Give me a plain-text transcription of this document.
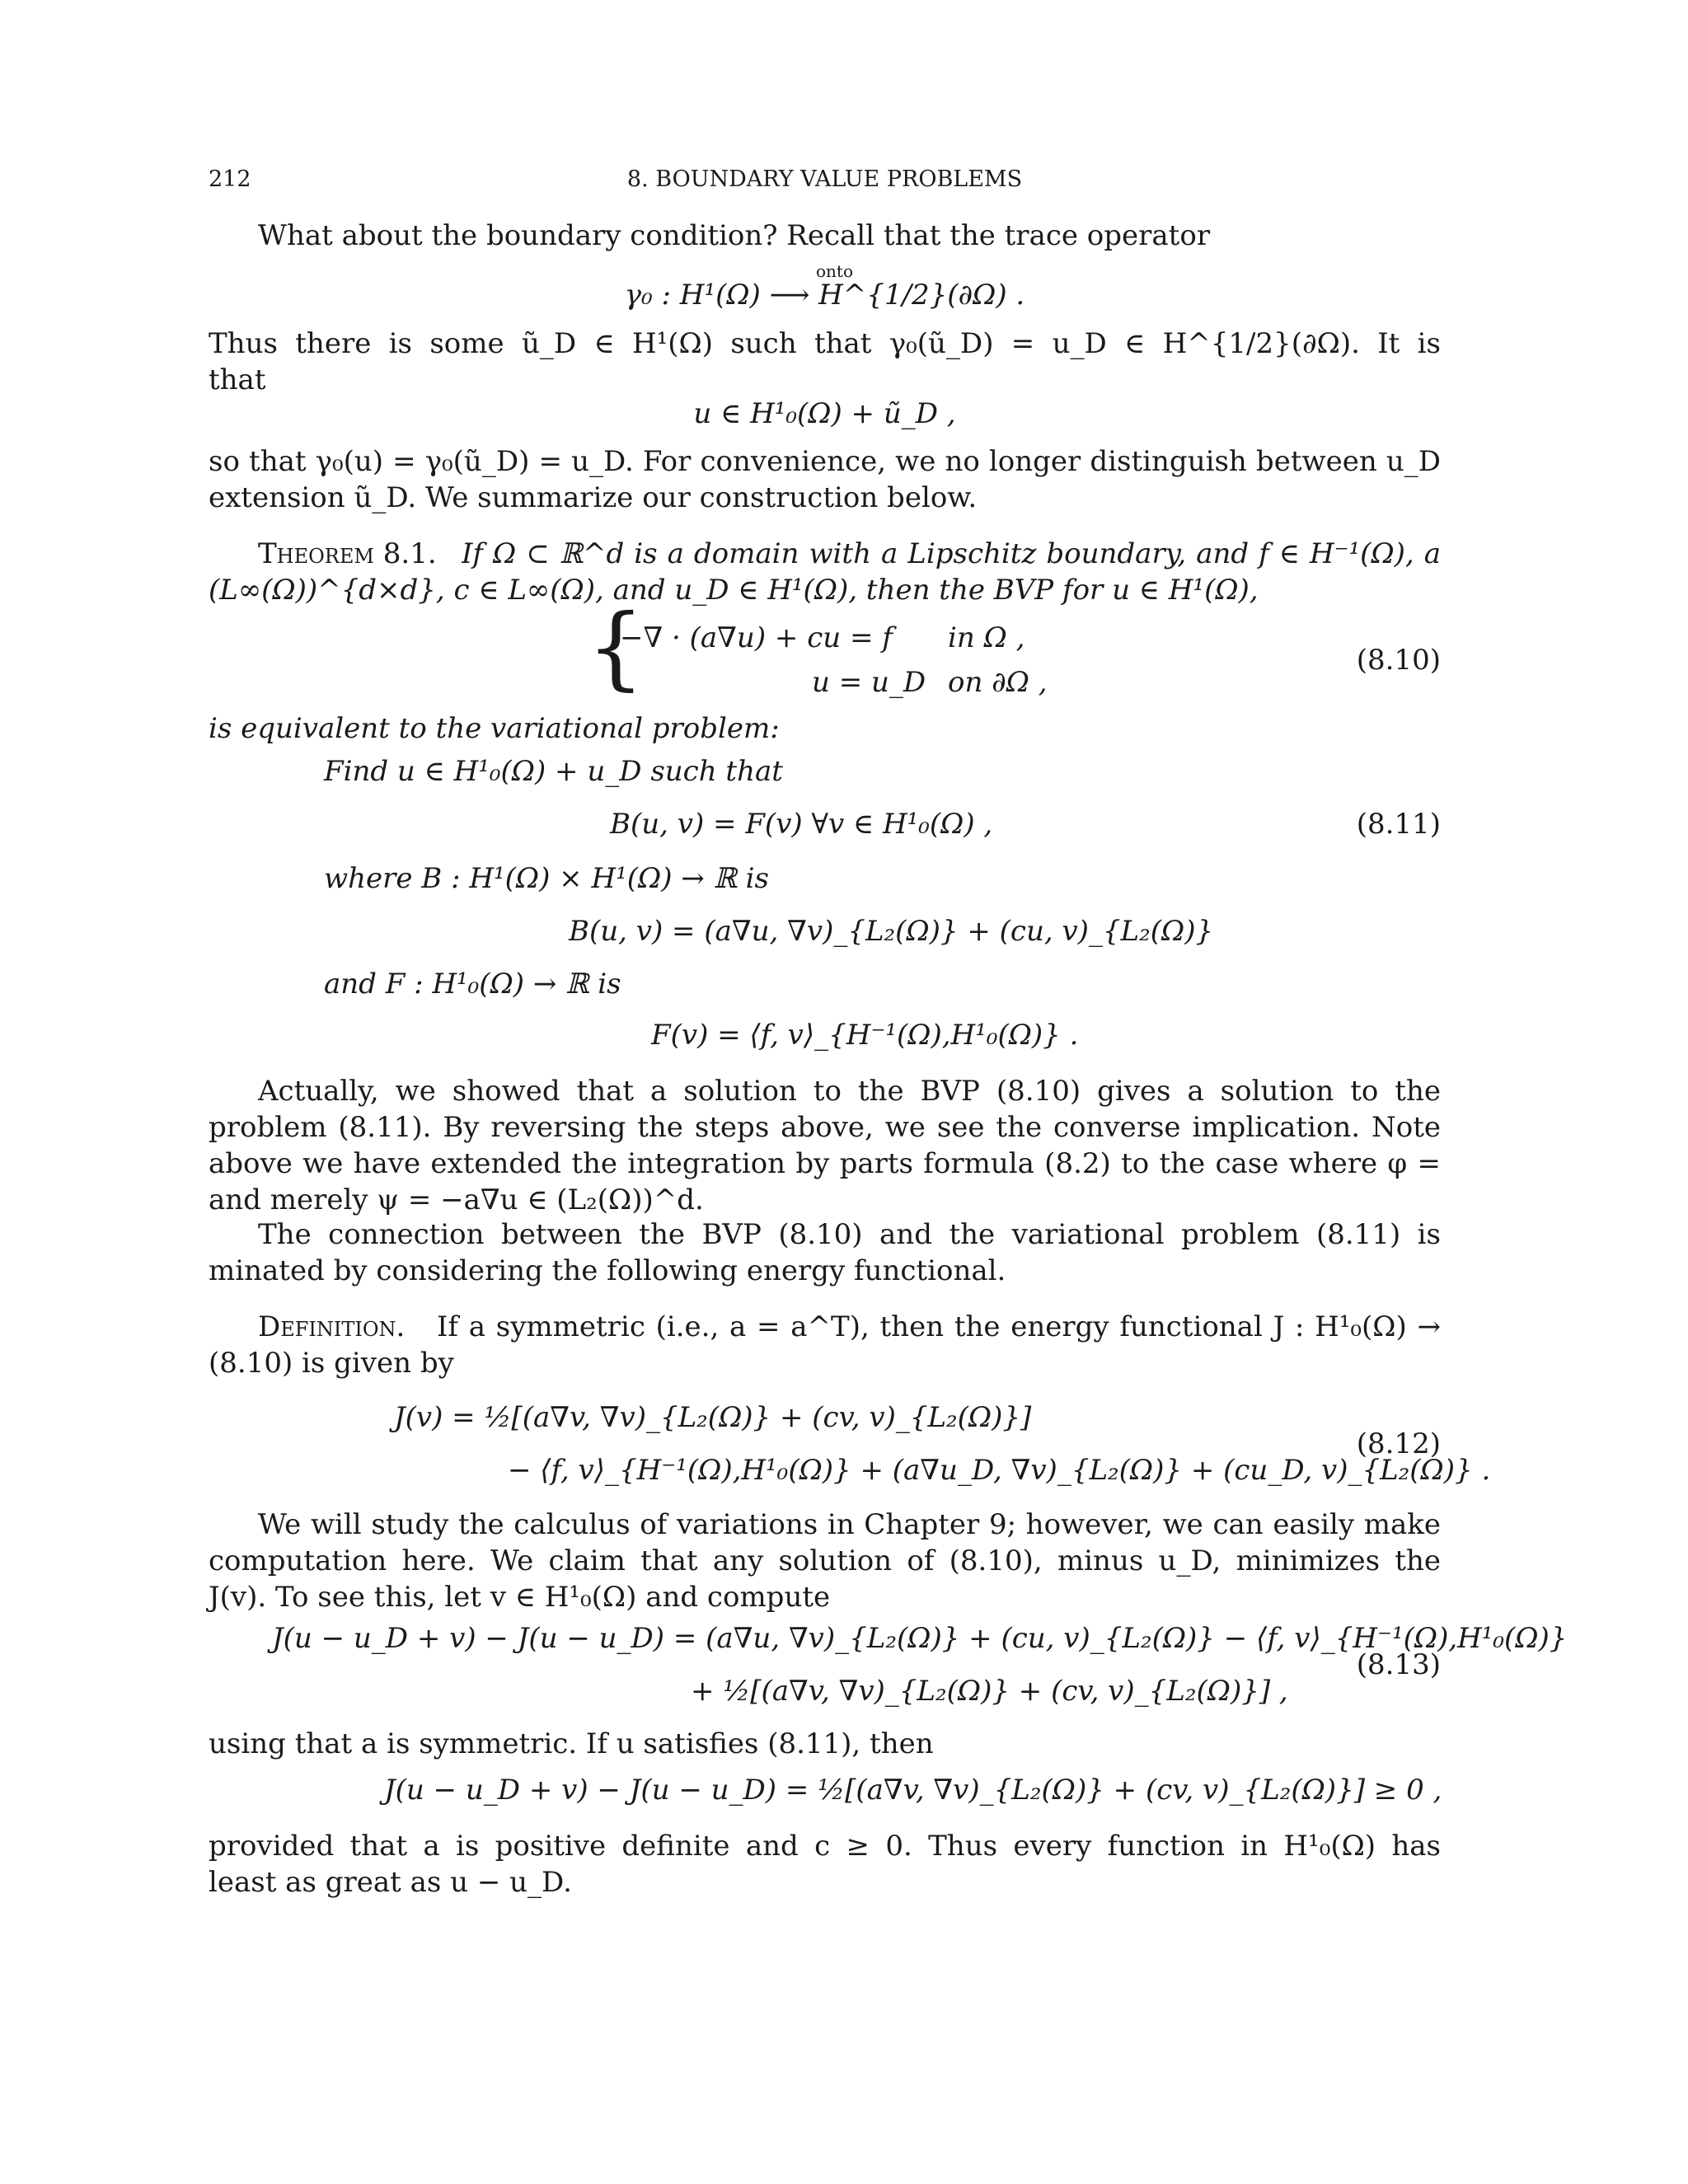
212	8. BOUNDARY VALUE PROBLEMS
What about the boundary condition? Recall that the trace operator
onto
γ₀ : H¹(Ω) ⟶ H^{1/2}(∂Ω) .
Thus there is some ũ_D ∈ H¹(Ω) such that γ₀(ũ_D) = u_D ∈ H^{1/2}(∂Ω). It is
that
u ∈ H¹₀(Ω) + ũ_D ,
so that γ₀(u) = γ₀(ũ_D) = u_D. For convenience, we no longer distinguish between u_D
extension ũ_D. We summarize our construction below.
Theorem 8.1. If Ω ⊂ ℝ^d is a domain with a Lipschitz boundary, and f ∈ H⁻¹(Ω), a
(L∞(Ω))^{d×d}, c ∈ L∞(Ω), and u_D ∈ H¹(Ω), then the BVP for u ∈ H¹(Ω),
{
−∇ · (a∇u) + cu = f in Ω ,
u = u_D on ∂Ω ,
(8.10)
is equivalent to the variational problem:
Find u ∈ H¹₀(Ω) + u_D such that
B(u, v) = F(v) ∀v ∈ H¹₀(Ω) ,	(8.11)
where B : H¹(Ω) × H¹(Ω) → ℝ is
B(u, v) = (a∇u, ∇v)_{L₂(Ω)} + (cu, v)_{L₂(Ω)}
and F : H¹₀(Ω) → ℝ is
F(v) = ⟨f, v⟩_{H⁻¹(Ω),H¹₀(Ω)} .
Actually, we showed that a solution to the BVP (8.10) gives a solution to the
problem (8.11). By reversing the steps above, we see the converse implication. Note
above we have extended the integration by parts formula (8.2) to the case where φ =
and merely ψ = −a∇u ∈ (L₂(Ω))^d.
The connection between the BVP (8.10) and the variational problem (8.11) is
minated by considering the following energy functional.
Definition. If a symmetric (i.e., a = a^T), then the energy functional J : H¹₀(Ω) →
(8.10) is given by
J(v) = ½[(a∇v, ∇v)_{L₂(Ω)} + (cv, v)_{L₂(Ω)}]
− ⟨f, v⟩_{H⁻¹(Ω),H¹₀(Ω)} + (a∇u_D, ∇v)_{L₂(Ω)} + (cu_D, v)_{L₂(Ω)} .
(8.12)
We will study the calculus of variations in Chapter 9; however, we can easily make
computation here. We claim that any solution of (8.10), minus u_D, minimizes the
J(v). To see this, let v ∈ H¹₀(Ω) and compute
J(u − u_D + v) − J(u − u_D) = (a∇u, ∇v)_{L₂(Ω)} + (cu, v)_{L₂(Ω)} − ⟨f, v⟩_{H⁻¹(Ω),H¹₀(Ω)}
+ ½[(a∇v, ∇v)_{L₂(Ω)} + (cv, v)_{L₂(Ω)}] ,
(8.13)
using that a is symmetric. If u satisfies (8.11), then
J(u − u_D + v) − J(u − u_D) = ½[(a∇v, ∇v)_{L₂(Ω)} + (cv, v)_{L₂(Ω)}] ≥ 0 ,
provided that a is positive definite and c ≥ 0. Thus every function in H¹₀(Ω) has
least as great as u − u_D.
